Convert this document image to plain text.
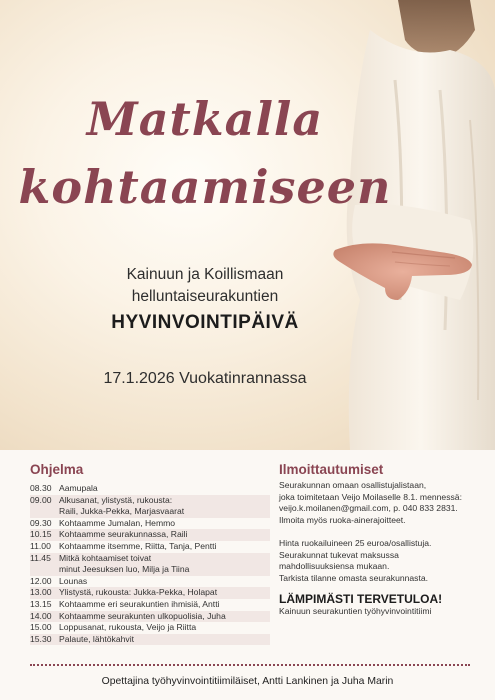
Matkalla
kohtaamiseen
Kainuun ja Koillismaan
helluntaiseurakuntien
HYVINVOINTIPÄIVÄ
17.1.2026 Vuokatinrannassa
Ohjelma	Ilmoittautumiset
08.30 Aamupala
09.00 Alkusanat, ylistystä, rukousta:
Raili, Jukka-Pekka, Marjasvaarat
09.30 Kohtaamme Jumalan, Hemmo
10.15 Kohtaamme seurakunnassa, Raili
11.00 Kohtaamme itsemme, Riitta, Tanja, Pentti
11.45 Mitkä kohtaamiset toivat
minut Jeesuksen luo, Milja ja Tiina
12.00 Lounas
13.00 Ylistystä, rukousta: Jukka-Pekka, Holapat
13.15 Kohtaamme eri seurakuntien ihmisiä, Antti
14.00 Kohtaamme seurakunten ulkopuolisia, Juha
15.00 Loppusanat, rukousta, Veijo ja Riitta
15.30 Palaute, lähtökahvit

Seurakunnan omaan osallistujalistaan,

joka toimitetaan Veijo Moilaselle 8.1. mennessä:

veijo.k.moilanen@gmail.com, p. 040 833 2831.

Ilmoita myös ruoka-ainerajoitteet.

Hinta ruokailuineen 25 euroa/osallistuja.

Seurakunnat tukevat maksussa

mahdollisuuksiensa mukaan.

Tarkista tilanne omasta seurakunnasta.

LÄMPIMÄSTI TERVETULOA!

Kainuun seurakuntien työhyvinvointitiimi

Opettajina työhyvinvointitiimiläiset, Antti Lankinen ja Juha Marin
